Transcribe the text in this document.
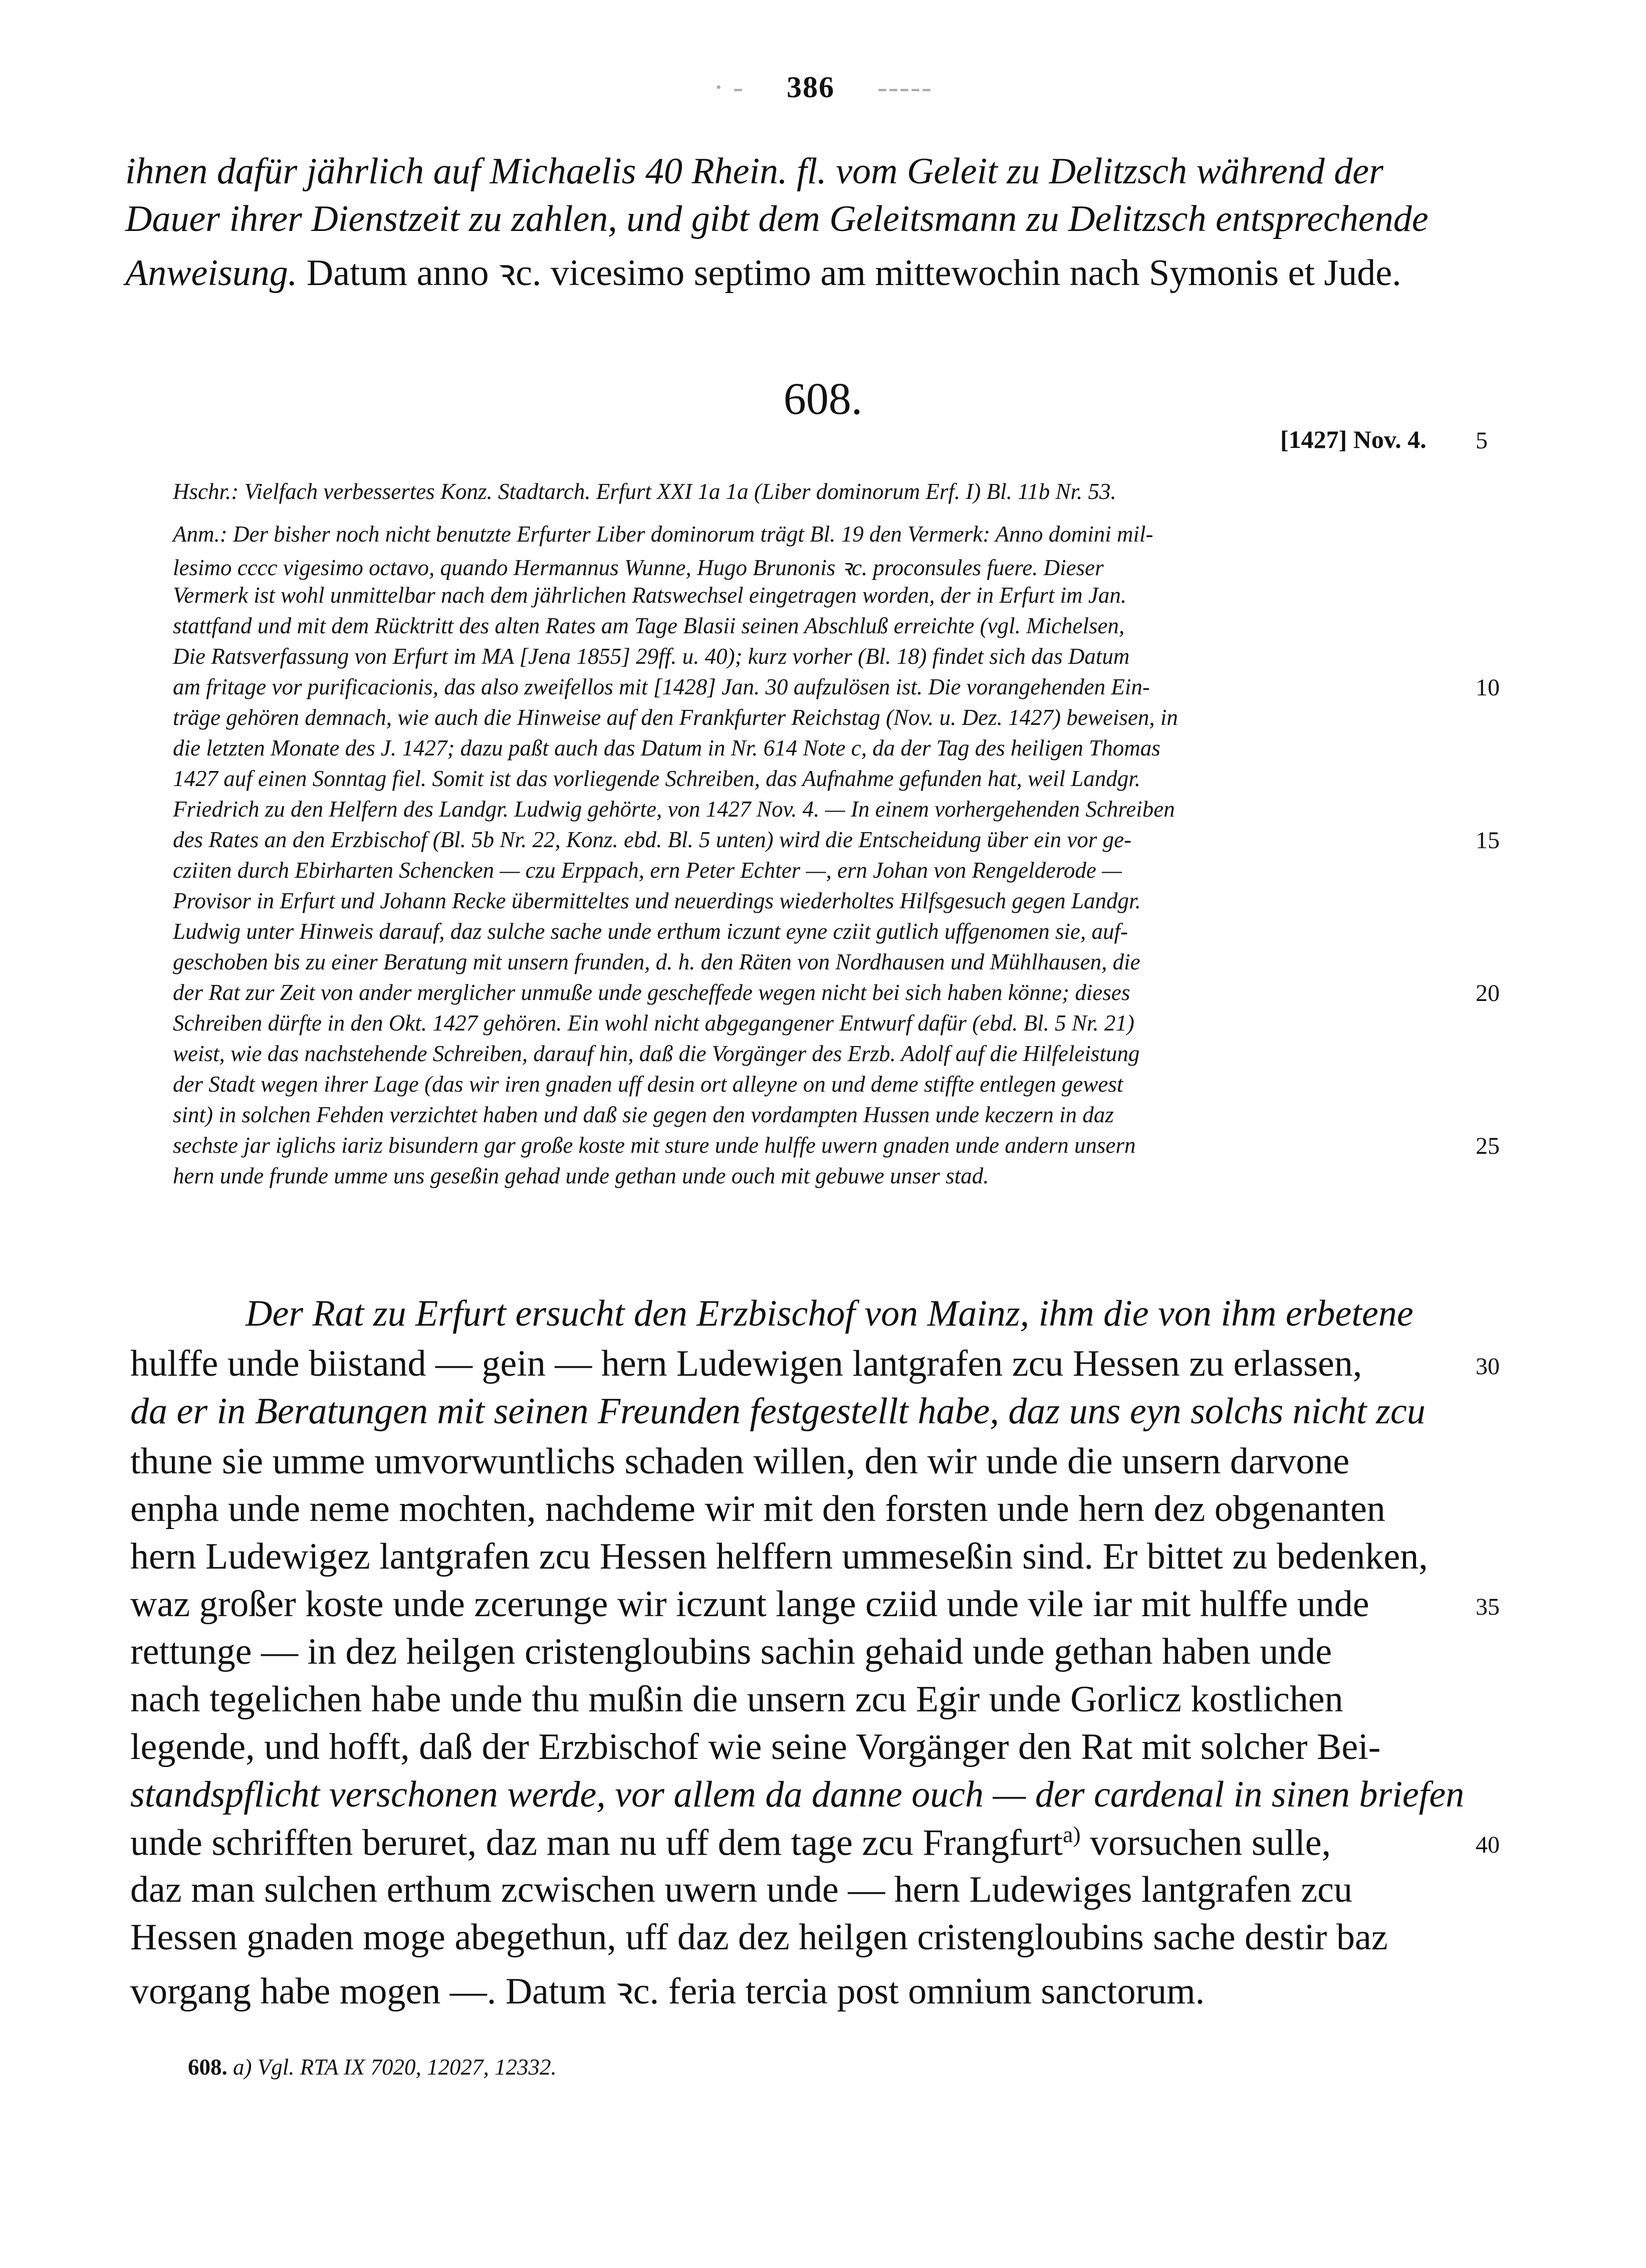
· - 386 -----
ihnen dafür jährlich auf Michaelis 40 Rhein. fl. vom Geleit zu Delitzsch während der
Dauer ihrer Dienstzeit zu zahlen, und gibt dem Geleitsmann zu Delitzsch entsprechende
Anweisung. Datum anno ꝛc. vicesimo septimo am mittewochin nach Symonis et Jude.
608.
[1427] Nov. 4. 5
Hschr.: Vielfach verbessertes Konz. Stadtarch. Erfurt XXI 1a 1a (Liber dominorum Erf. I) Bl. 11b Nr. 53.
Anm.: Der bisher noch nicht benutzte Erfurter Liber dominorum trägt Bl. 19 den Vermerk: Anno domini mil-
lesimo cccc vigesimo octavo, quando Hermannus Wunne, Hugo Brunonis ꝛc. proconsules fuere. Dieser
Vermerk ist wohl unmittelbar nach dem jährlichen Ratswechsel eingetragen worden, der in Erfurt im Jan.
stattfand und mit dem Rücktritt des alten Rates am Tage Blasii seinen Abschluß erreichte (vgl. Michelsen,
Die Ratsverfassung von Erfurt im MA [Jena 1855] 29ff. u. 40); kurz vorher (Bl. 18) findet sich das Datum
am fritage vor purificacionis, das also zweifellos mit [1428] Jan. 30 aufzulösen ist. Die vorangehenden Ein-
träge gehören demnach, wie auch die Hinweise auf den Frankfurter Reichstag (Nov. u. Dez. 1427) beweisen, in
die letzten Monate des J. 1427; dazu paßt auch das Datum in Nr. 614 Note c, da der Tag des heiligen Thomas
1427 auf einen Sonntag fiel. Somit ist das vorliegende Schreiben, das Aufnahme gefunden hat, weil Landgr.
Friedrich zu den Helfern des Landgr. Ludwig gehörte, von 1427 Nov. 4. — In einem vorhergehenden Schreiben
des Rates an den Erzbischof (Bl. 5b Nr. 22, Konz. ebd. Bl. 5 unten) wird die Entscheidung über ein vor ge-
cziiten durch Ebirharten Schencken — czu Erppach, ern Peter Echter —, ern Johan von Rengelderode —
Provisor in Erfurt und Johann Recke übermitteltes und neuerdings wiederholtes Hilfsgesuch gegen Landgr.
Ludwig unter Hinweis darauf, daz sulche sache unde erthum iczunt eyne cziit gutlich uffgenomen sie, auf-
geschoben bis zu einer Beratung mit unsern frunden, d. h. den Räten von Nordhausen und Mühlhausen, die
der Rat zur Zeit von ander merglicher unmuße unde gescheffede wegen nicht bei sich haben könne; dieses
Schreiben dürfte in den Okt. 1427 gehören. Ein wohl nicht abgegangener Entwurf dafür (ebd. Bl. 5 Nr. 21)
weist, wie das nachstehende Schreiben, darauf hin, daß die Vorgänger des Erzb. Adolf auf die Hilfeleistung
der Stadt wegen ihrer Lage (das wir iren gnaden uff desin ort alleyne on und deme stiffte entlegen gewest
sint) in solchen Fehden verzichtet haben und daß sie gegen den vordampten Hussen unde keczern in daz
sechste jar iglichs iariz bisundern gar große koste mit sture unde hulffe uwern gnaden unde andern unsern
hern unde frunde umme uns geseßin gehad unde gethan unde ouch mit gebuwe unser stad.
10
15
20
25
Der Rat zu Erfurt ersucht den Erzbischof von Mainz, ihm die von ihm erbetene
hulffe unde biistand — gein — hern Ludewigen lantgrafen zcu Hessen zu erlassen,
da er in Beratungen mit seinen Freunden festgestellt habe, daz uns eyn solchs nicht zcu
thune sie umme umvorwuntlichs schaden willen, den wir unde die unsern darvone
enpha unde neme mochten, nachdeme wir mit den forsten unde hern dez obgenanten
hern Ludewigez lantgrafen zcu Hessen helffern ummeseßin sind. Er bittet zu bedenken,
waz großer koste unde zcerunge wir iczunt lange cziid unde vile iar mit hulffe unde
rettunge — in dez heilgen cristengloubins sachin gehaid unde gethan haben unde
nach tegelichen habe unde thu mußin die unsern zcu Egir unde Gorlicz kostlichen
legende, und hofft, daß der Erzbischof wie seine Vorgänger den Rat mit solcher Bei-
standspflicht verschonen werde, vor allem da danne ouch — der cardenal in sinen briefen
unde schrifften beruret, daz man nu uff dem tage zcu Frangfurt$^{a)}$ vorsuchen sulle,
daz man sulchen erthum zcwischen uwern unde — hern Ludewiges lantgrafen zcu
Hessen gnaden moge abegethun, uff daz dez heilgen cristengloubins sache destir baz
vorgang habe mogen —. Datum ꝛc. feria tercia post omnium sanctorum.
30
35
40
608. a) Vgl. RTA IX 7020, 12027, 12332.
